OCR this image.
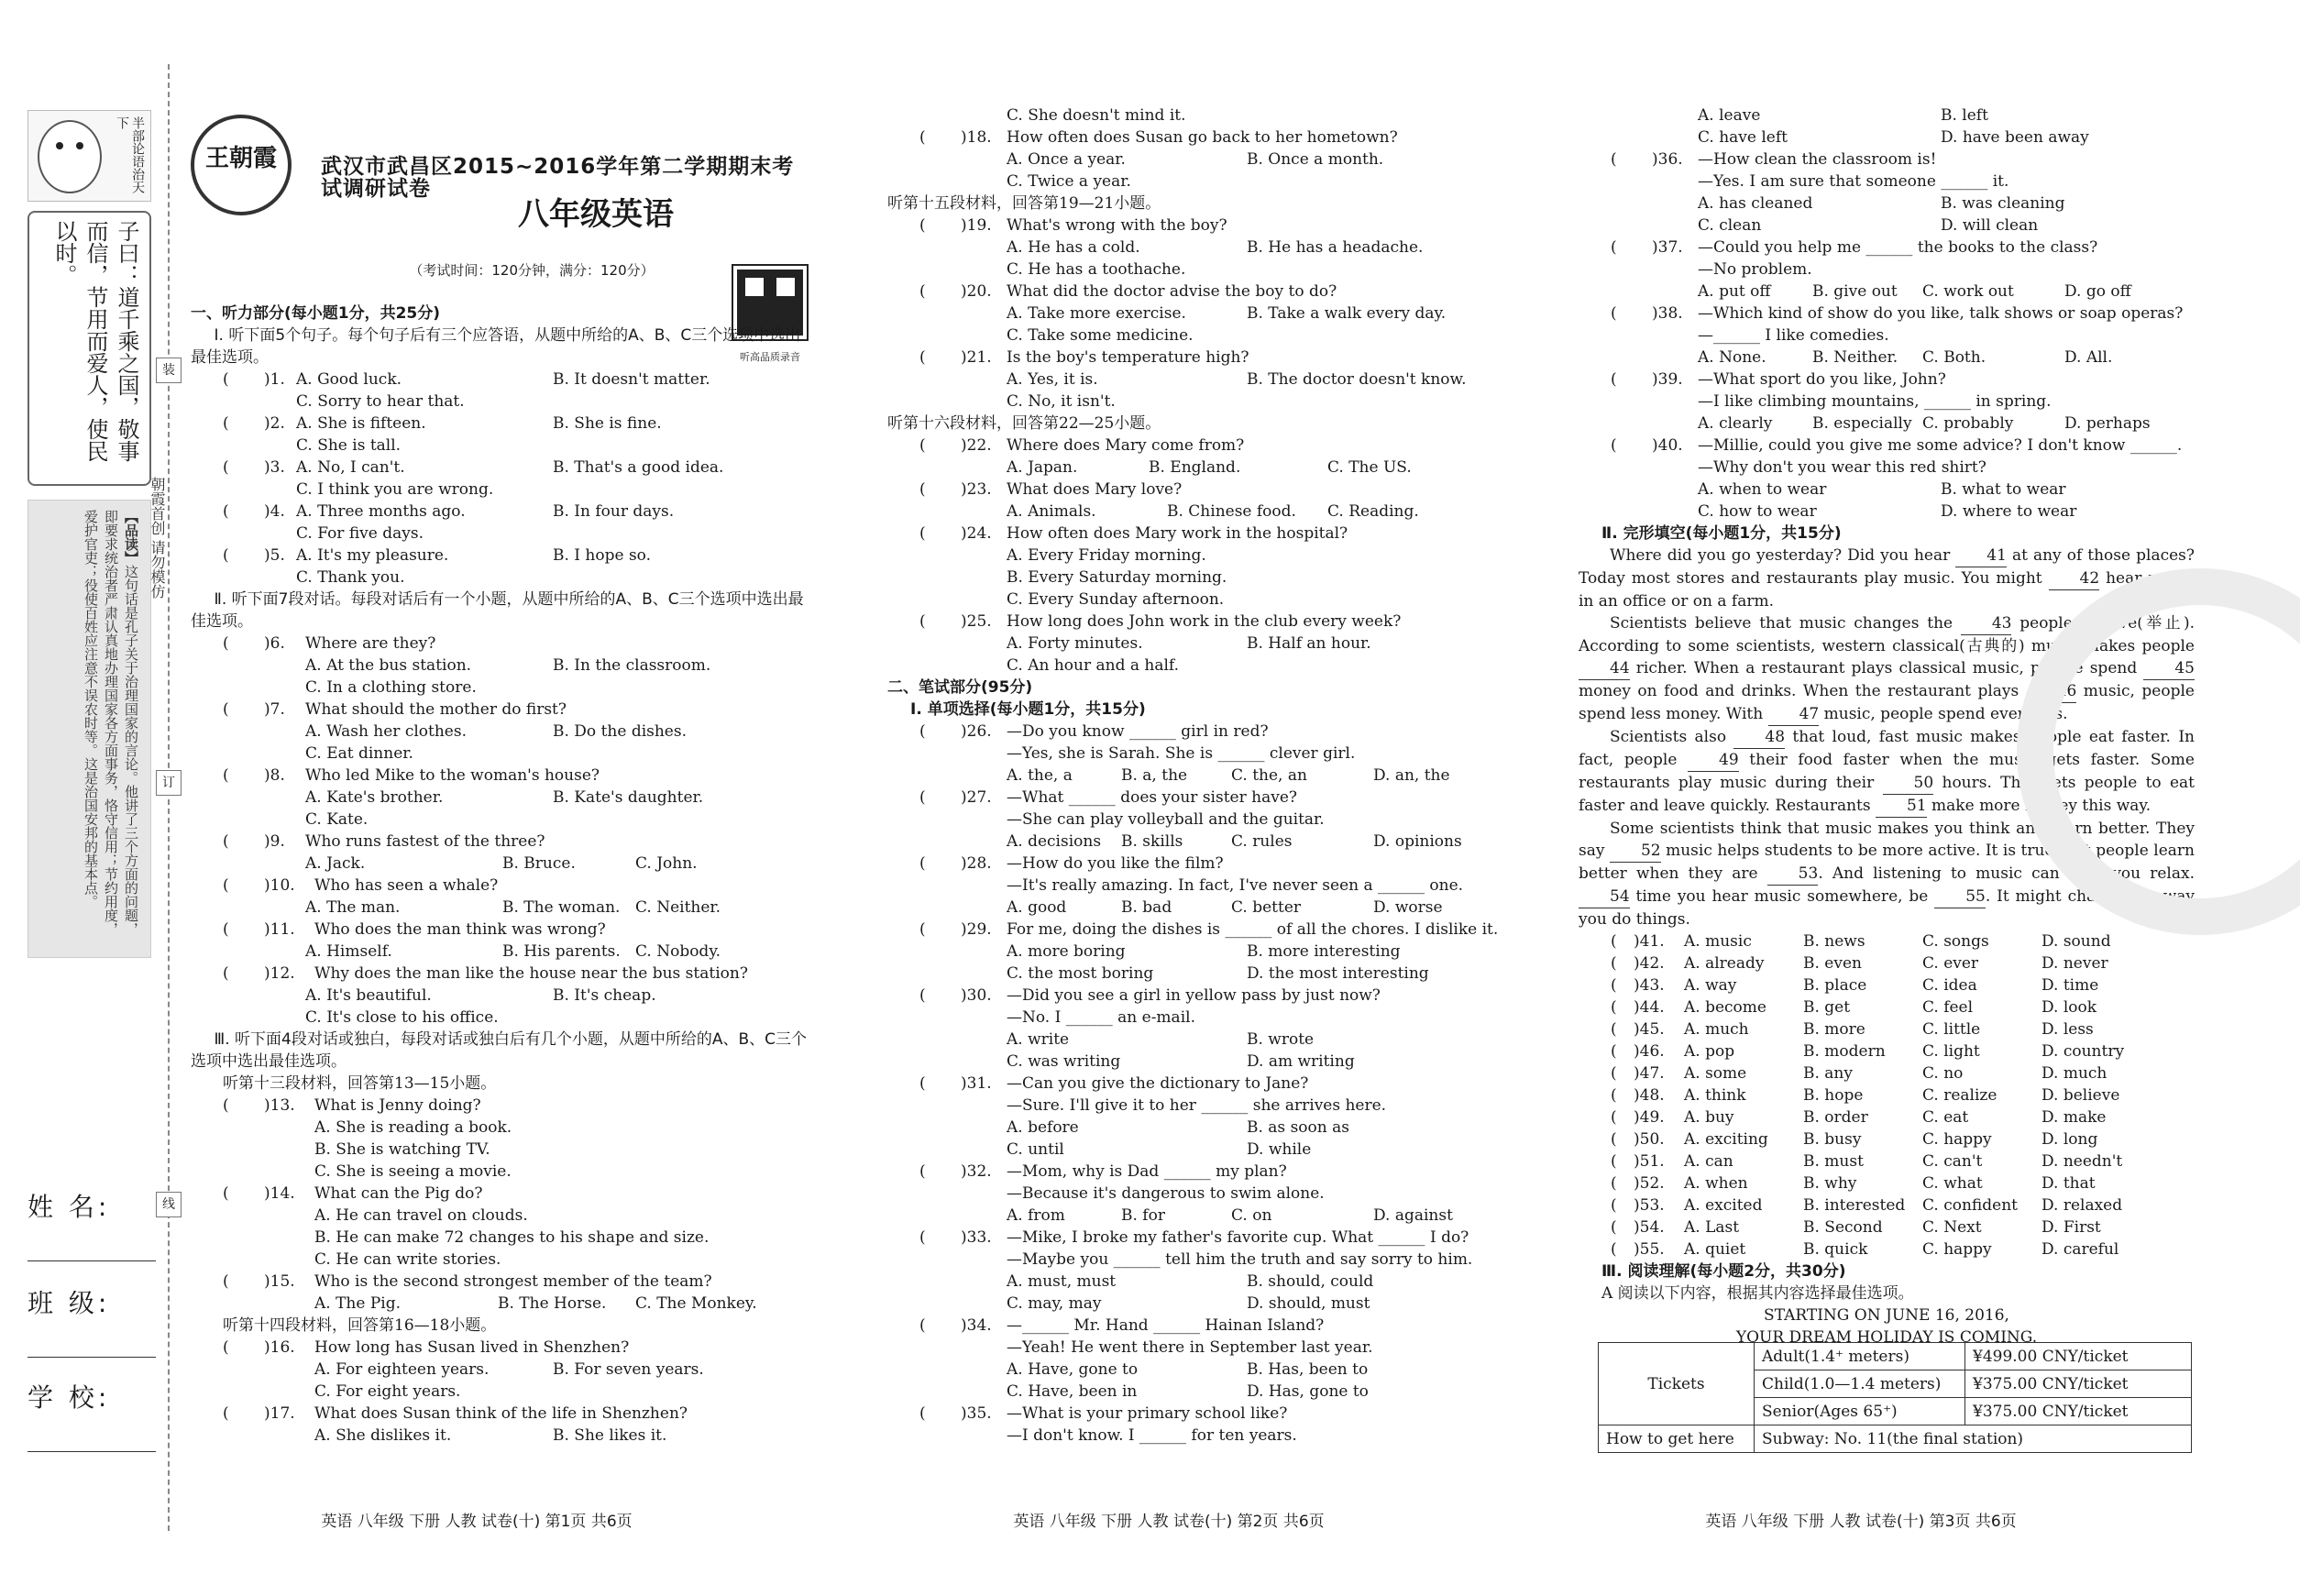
半部论语治天下
子曰：道千乘之国，敬事而信，节用而爱人，使民以时。
【品读】这句话是孔子关于治理国家的言论。他讲了三个方面的问题，即要求统治者严肃认真地办理国家各方面事务，恪守信用；节约用度，爱护官吏；役使百姓应注意不误农时等。这是治国安邦的基本点。	朝霞首创 请勿模仿
装
订
线
姓 名:
班 级:
学 校:
王朝霞	武汉市武昌区2015~2016学年第二学期期末考试调研试卷
八年级英语
（考试时间：120分钟，满分：120分）
听高品质录音
一、听力部分(每小题1分，共25分)
Ⅰ. 听下面5个句子。每个句子后有三个应答语，从题中所给的A、B、C三个选项中选出最佳选项。
( )1. A. Good luck.	B. It doesn't matter.
C. Sorry to hear that.
( )2. A. She is fifteen.	B. She is fine.
C. She is tall.
( )3. A. No, I can't.	B. That's a good idea.
C. I think you are wrong.
( )4. A. Three months ago.	B. In four days.
C. For five days.
( )5. A. It's my pleasure.	B. I hope so.
C. Thank you.
Ⅱ. 听下面7段对话。每段对话后有一个小题，从题中所给的A、B、C三个选项中选出最佳选项。
( )6. Where are they?
A. At the bus station.	B. In the classroom.
C. In a clothing store.
( )7. What should the mother do first?
A. Wash her clothes.	B. Do the dishes.
C. Eat dinner.
( )8. Who led Mike to the woman's house?
A. Kate's brother.	B. Kate's daughter.
C. Kate.
( )9. Who runs fastest of the three?
A. Jack.	B. Bruce.	C. John.
( )10. Who has seen a whale?
A. The man.	B. The woman. C. Neither.
( )11. Who does the man think was wrong?
A. Himself.	B. His parents. C. Nobody.
( )12. Why does the man like the house near the bus station?
A. It's beautiful.	B. It's cheap.
C. It's close to his office.
Ⅲ. 听下面4段对话或独白，每段对话或独白后有几个小题，从题中所给的A、B、C三个选项中选出最佳选项。
听第十三段材料，回答第13—15小题。
( )13. What is Jenny doing?
A. She is reading a book.
B. She is watching TV.
C. She is seeing a movie.
( )14. What can the Pig do?
A. He can travel on clouds.
B. He can make 72 changes to his shape and size.
C. He can write stories.
( )15. Who is the second strongest member of the team?
A. The Pig.	B. The Horse. C. The Monkey.
听第十四段材料，回答第16—18小题。
( )16. How long has Susan lived in Shenzhen?
A. For eighteen years.	B. For seven years.
C. For eight years.
( )17. What does Susan think of the life in Shenzhen?
A. She dislikes it.	B. She likes it.
C. She doesn't mind it.
( )18. How often does Susan go back to her hometown?
A. Once a year.	B. Once a month.
C. Twice a year.
听第十五段材料，回答第19—21小题。
( )19. What's wrong with the boy?
A. He has a cold.	B. He has a headache.
C. He has a toothache.
( )20. What did the doctor advise the boy to do?
A. Take more exercise.	B. Take a walk every day.
C. Take some medicine.
( )21. Is the boy's temperature high?
A. Yes, it is.	B. The doctor doesn't know.
C. No, it isn't.
听第十六段材料，回答第22—25小题。
( )22. Where does Mary come from?
A. Japan.	B. England.	C. The US.
( )23. What does Mary love?
A. Animals.	B. Chinese food. C. Reading.
( )24. How often does Mary work in the hospital?
A. Every Friday morning.
B. Every Saturday morning.
C. Every Sunday afternoon.
( )25. How long does John work in the club every week?
A. Forty minutes.	B. Half an hour.
C. An hour and a half.
二、笔试部分(95分)
Ⅰ. 单项选择(每小题1分，共15分)
( )26. —Do you know ______ girl in red?
—Yes, she is Sarah. She is ______ clever girl.
A. the, a	B. a, the	C. the, an	D. an, the
( )27. —What ______ does your sister have?
—She can play volleyball and the guitar.
A. decisions B. skills	C. rules	D. opinions
( )28. —How do you like the film?
—It's really amazing. In fact, I've never seen a ______ one.
A. good	B. bad	C. better	D. worse
( )29. For me, doing the dishes is ______ of all the chores. I dislike it.
A. more boring	B. more interesting
C. the most boring	D. the most interesting
( )30. —Did you see a girl in yellow pass by just now?
—No. I ______ an e-mail.
A. write	B. wrote
C. was writing	D. am writing
( )31. —Can you give the dictionary to Jane?
—Sure. I'll give it to her ______ she arrives here.
A. before	B. as soon as
C. until	D. while
( )32. —Mom, why is Dad ______ my plan?
—Because it's dangerous to swim alone.
A. from	B. for	C. on	D. against
( )33. —Mike, I broke my father's favorite cup. What ______ I do?
—Maybe you ______ tell him the truth and say sorry to him.
A. must, must	B. should, could
C. may, may	D. should, must
( )34. —______ Mr. Hand ______ Hainan Island?
—Yeah! He went there in September last year.
A. Have, gone to	B. Has, been to
C. Have, been in	D. Has, gone to
( )35. —What is your primary school like?
—I don't know. I ______ for ten years.
A. leave	B. left
C. have left	D. have been away
( )36. —How clean the classroom is!
—Yes. I am sure that someone ______ it.
A. has cleaned	B. was cleaning
C. clean	D. will clean
( )37. —Could you help me ______ the books to the class?
—No problem.
A. put off	B. give out C. work out	D. go off
( )38. —Which kind of show do you like, talk shows or soap operas?
—______ I like comedies.
A. None.	B. Neither. C. Both.	D. All.
( )39. —What sport do you like, John?
—I like climbing mountains, ______ in spring.
A. clearly	B. especially C. probably	D. perhaps
( )40. —Millie, could you give me some advice? I don't know ______.
—Why don't you wear this red shirt?
A. when to wear	B. what to wear
C. how to wear	D. where to wear
Ⅱ. 完形填空(每小题1分，共15分)
Where did you go yesterday? Did you hear 41 at any of those places? Today most stores and restaurants play music. You might 42 hear music in an office or on a farm.
Scientists believe that music changes the 43 people behave(举止). According to some scientists, western classical(古典的) music makes people 44 richer. When a restaurant plays classical music, people spend 45 money on food and drinks. When the restaurant plays 46 music, people spend less money. With 47 music, people spend even less.
Scientists also 48 that loud, fast music makes people eat faster. In fact, people 49 their food faster when the music gets faster. Some restaurants play music during their 50 hours. This gets people to eat faster and leave quickly. Restaurants 51 make more money this way.
Some scientists think that music makes you think and learn better. They say 52 music helps students to be more active. It is true that people learn better when they are 53. And listening to music can help you relax. 54 time you hear music somewhere, be 55. It might change the way you do things.
( )41. A. music	B. news	C. songs	D. sound
( )42. A. already	B. even	C. ever	D. never
( )43. A. way	B. place	C. idea	D. time
( )44. A. become B. get	C. feel	D. look
( )45. A. much	B. more	C. little	D. less
( )46. A. pop	B. modern C. light	D. country
( )47. A. some	B. any	C. no	D. much
( )48. A. think	B. hope	C. realize	D. believe
( )49. A. buy	B. order	C. eat	D. make
( )50. A. exciting B. busy	C. happy	D. long
( )51. A. can	B. must	C. can't	D. needn't
( )52. A. when	B. why	C. what	D. that
( )53. A. excited	B. interested C. confident D. relaxed
( )54. A. Last	B. Second	C. Next	D. First
( )55. A. quiet	B. quick	C. happy	D. careful
Ⅲ. 阅读理解(每小题2分，共30分)
A 阅读以下内容，根据其内容选择最佳选项。
STARTING ON JUNE 16, 2016,
YOUR DREAM HOLIDAY IS COMING.
Tickets	Adult(1.4⁺ meters)	¥499.00 CNY/ticket
	Child(1.0—1.4 meters)	¥375.00 CNY/ticket
	Senior(Ages 65⁺)	¥375.00 CNY/ticket
How to get here	Subway: No. 11(the final station)	
英语 八年级 下册 人教 试卷(十) 第1页 共6页	英语 八年级 下册 人教 试卷(十) 第2页 共6页	英语 八年级 下册 人教 试卷(十) 第3页 共6页
